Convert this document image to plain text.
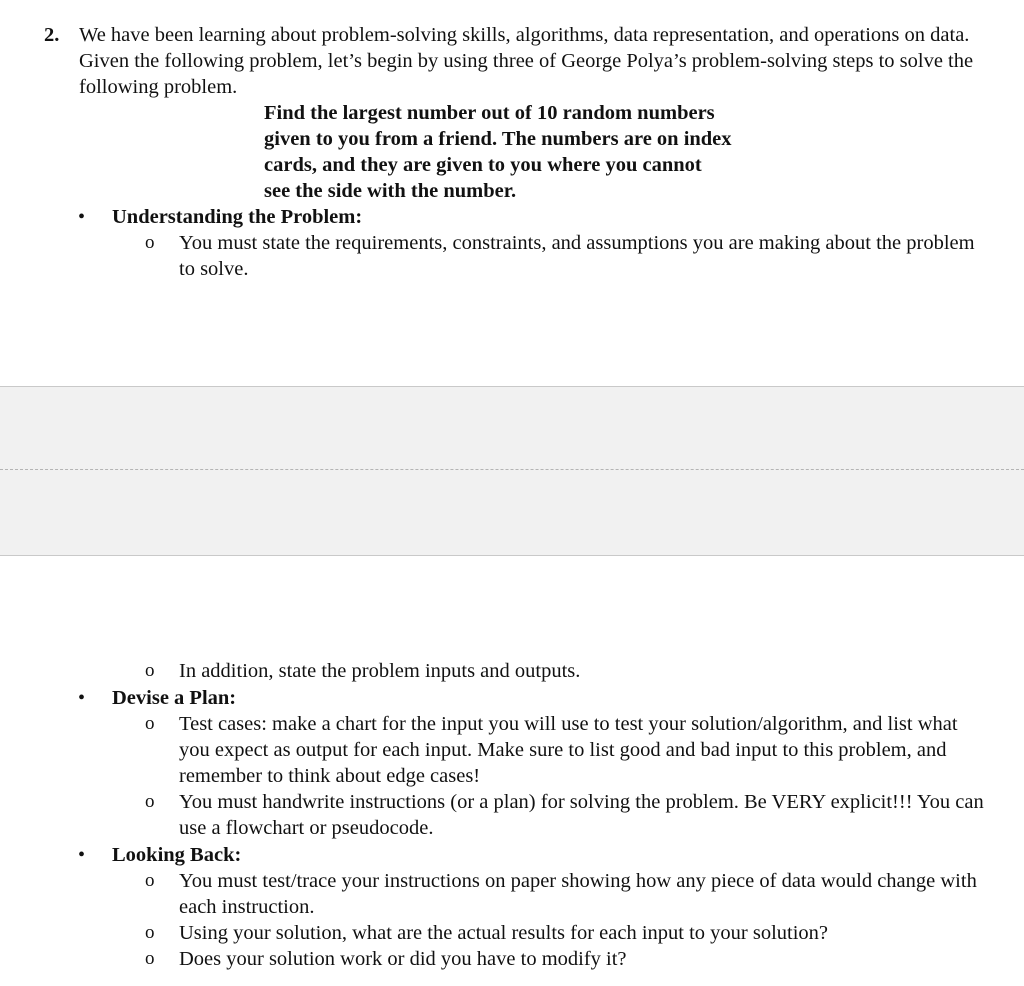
2. We have been learning about problem-solving skills, algorithms, data representation, and operations on data. Given the following problem, let’s begin by using three of George Polya’s problem-solving steps to solve the following problem.
Find the largest number out of 10 random numbers
given to you from a friend. The numbers are on index
cards, and they are given to you where you cannot
see the side with the number.
• Understanding the Problem:
o You must state the requirements, constraints, and assumptions you are making about the problem to solve.
o In addition, state the problem inputs and outputs.
• Devise a Plan:
o Test cases: make a chart for the input you will use to test your solution/algorithm, and list what you expect as output for each input. Make sure to list good and bad input to this problem, and remember to think about edge cases!
o You must handwrite instructions (or a plan) for solving the problem. Be VERY explicit!!! You can use a flowchart or pseudocode.
• Looking Back:
o You must test/trace your instructions on paper showing how any piece of data would change with each instruction.
o Using your solution, what are the actual results for each input to your solution?
o Does your solution work or did you have to modify it?
